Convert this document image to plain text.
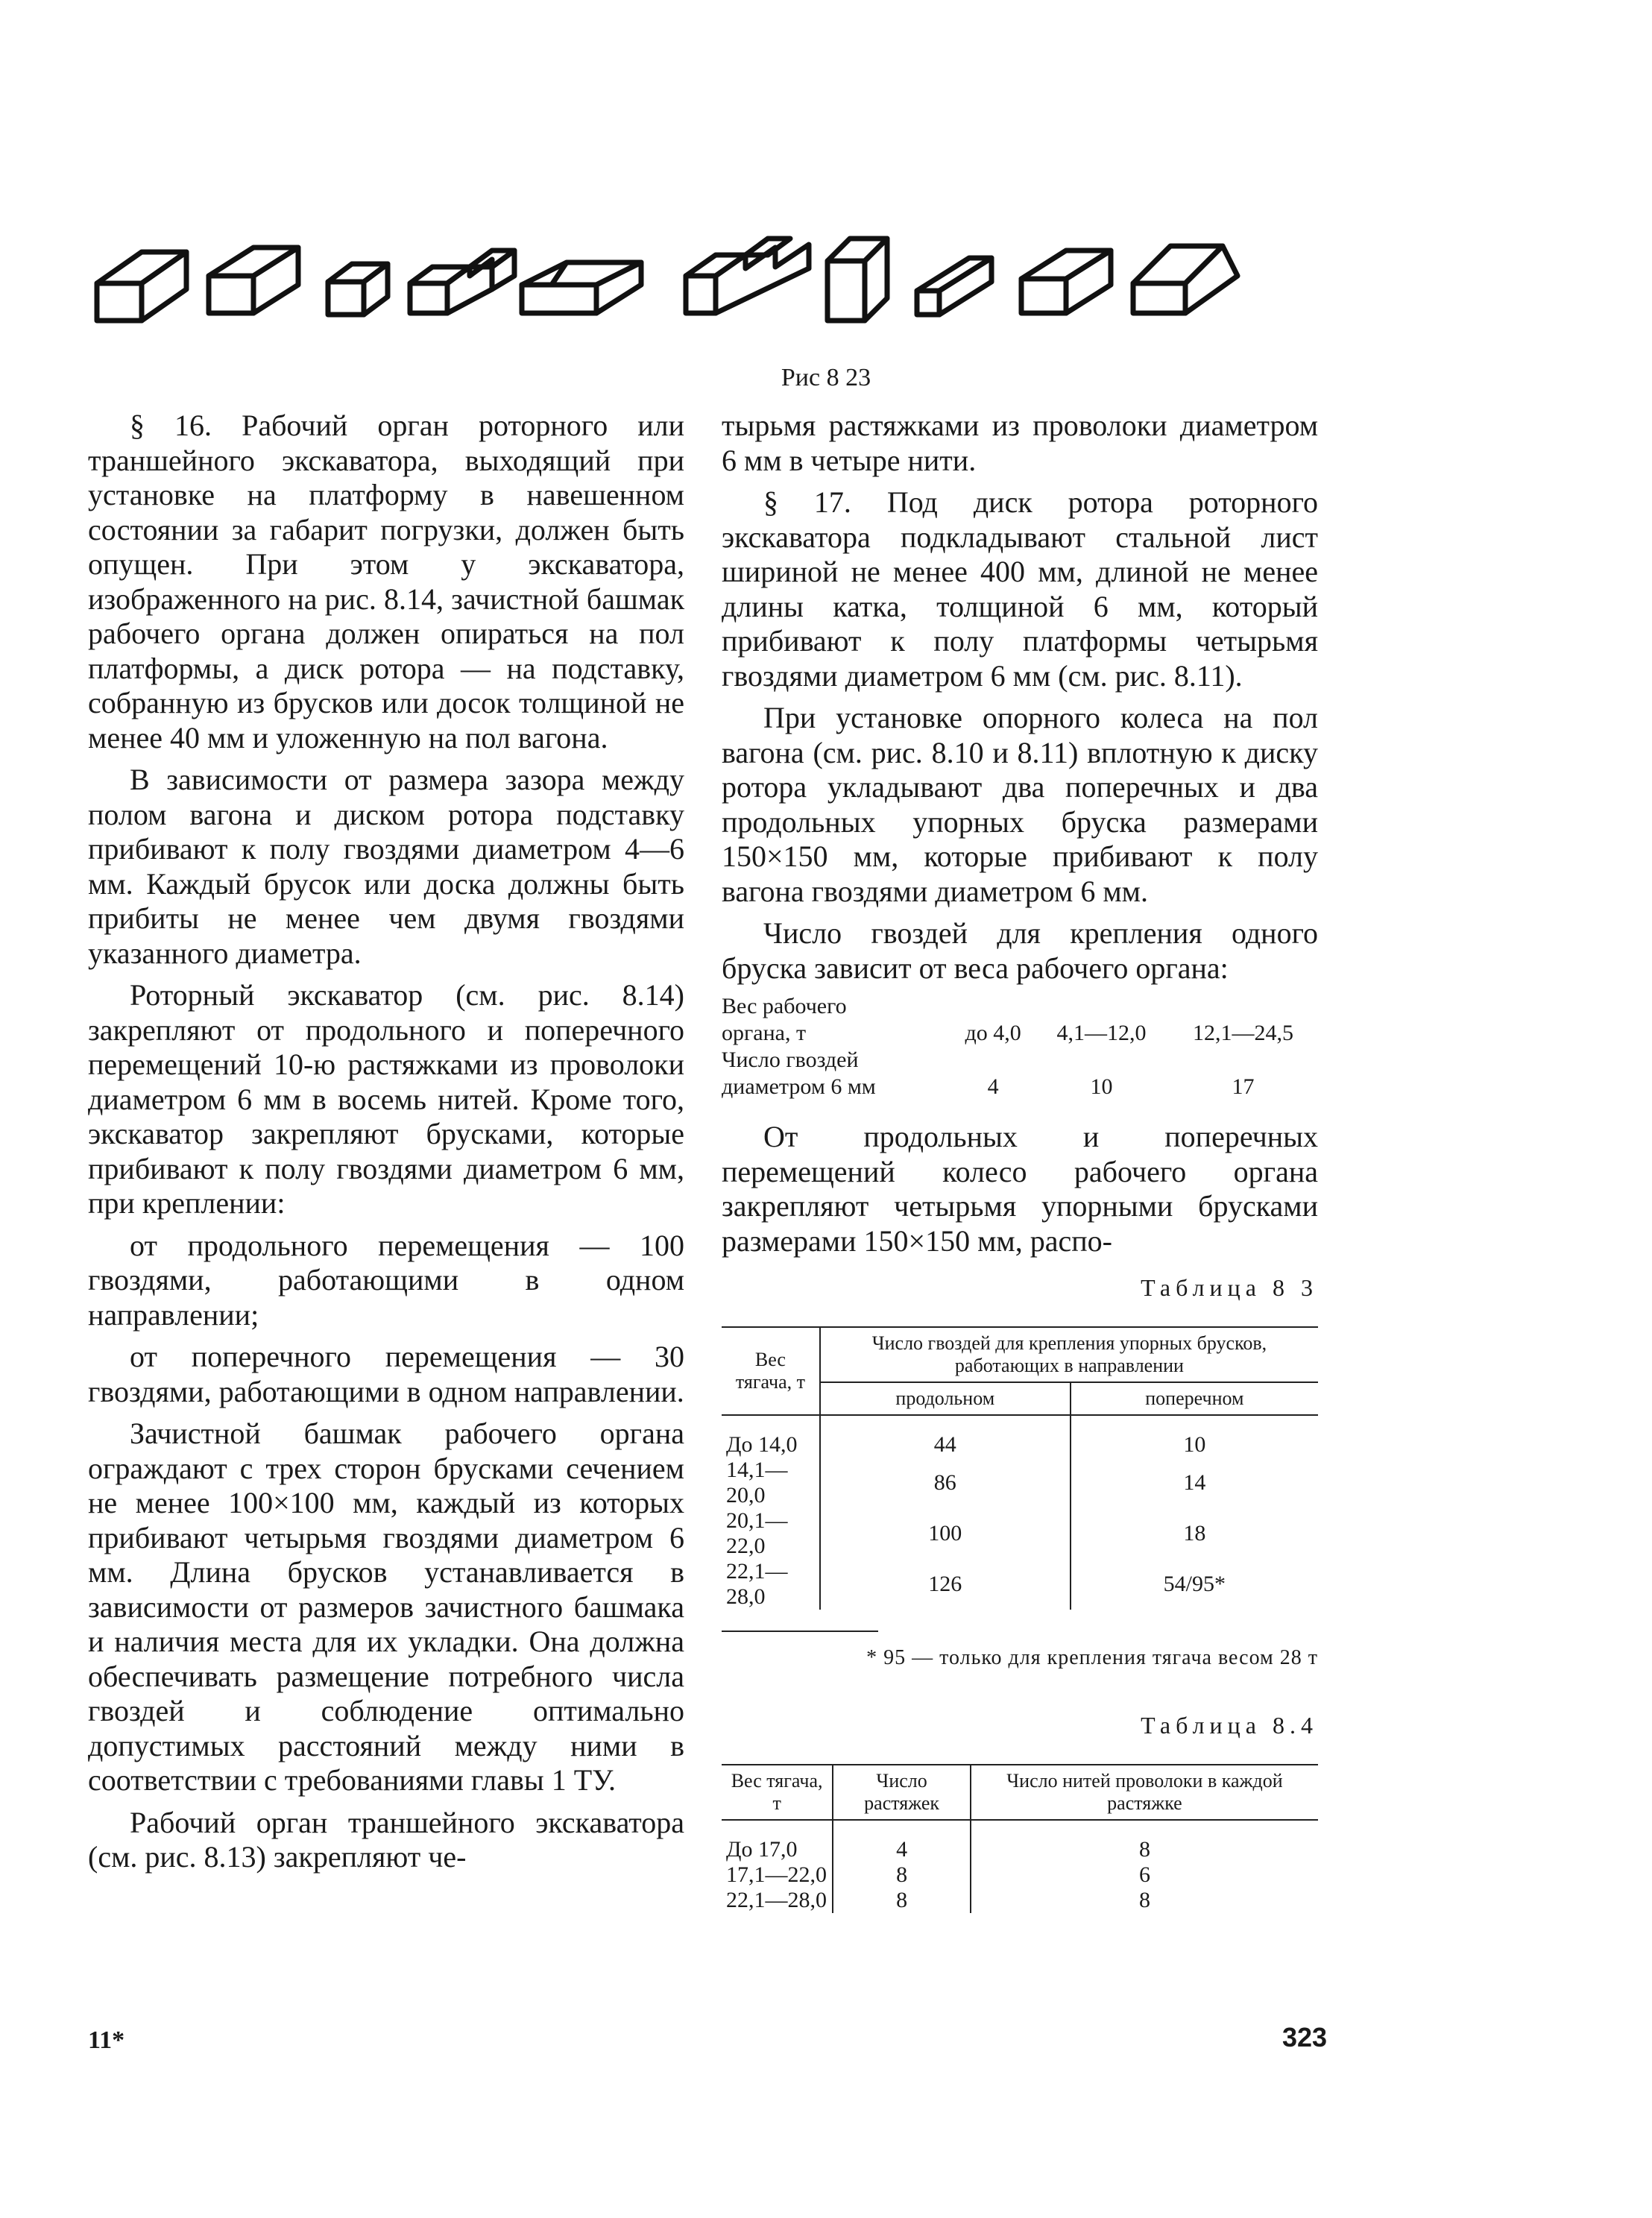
Рис 8 23

§ 16. Рабочий орган роторного или траншейного экскаватора, выходящий при установке на платформу в навешенном состоянии за габарит погрузки, должен быть опущен. При этом у экскаватора, изображенного на рис. 8.14, зачистной башмак рабочего органа должен опираться на пол платформы, а диск ротора — на подставку, собранную из брусков или досок толщиной не менее 40 мм и уложенную на пол вагона.

В зависимости от размера зазора между полом вагона и диском ротора подставку прибивают к полу гвоздями диаметром 4—6 мм. Каждый брусок или доска должны быть прибиты не менее чем двумя гвоздями указанного диаметра.

Роторный экскаватор (см. рис. 8.14) закрепляют от продольного и поперечного перемещений 10-ю растяжками из проволоки диаметром 6 мм в восемь нитей. Кроме того, экскаватор закрепляют брусками, которые прибивают к полу гвоздями диаметром 6 мм, при креплении:

от продольного перемещения — 100 гвоздями, работающими в одном направлении;

от поперечного перемещения — 30 гвоздями, работающими в одном направлении.

Зачистной башмак рабочего органа ограждают с трех сторон брусками сечением не менее 100×100 мм, каждый из которых прибивают четырьмя гвоздями диаметром 6 мм. Длина брусков устанавливается в зависимости от размеров зачистного башмака и наличия места для их укладки. Она должна обеспечивать размещение потребного числа гвоздей и соблюдение оптимально допустимых расстояний между ними в соответствии с требованиями главы 1 ТУ.

Рабочий орган траншейного экскаватора (см. рис. 8.13) закрепляют че-

тырьмя растяжками из проволоки диаметром 6 мм в четыре нити.

§ 17. Под диск ротора роторного экскаватора подкладывают стальной лист шириной не менее 400 мм, длиной не менее длины катка, толщиной 6 мм, который прибивают к полу платформы четырьмя гвоздями диаметром 6 мм (см. рис. 8.11).

При установке опорного колеса на пол вагона (см. рис. 8.10 и 8.11) вплотную к диску ротора укладывают два поперечных и два продольных упорных бруска размерами 150×150 мм, которые прибивают к полу вагона гвоздями диаметром 6 мм.

Число гвоздей для крепления одного бруска зависит от веса рабочего органа:

Вес рабочего
органа, т	до 4,0	4,1—12,0	12,1—24,5
Число гвоздей
диаметром 6 мм	4	10	17

От продольных и поперечных перемещений колесо рабочего органа закрепляют четырьмя упорными брусками размерами 150×150 мм, распо-

Таблица 8 3
Вес тягача, т	Число гвоздей для крепления упорных брусков, работающих в направлении	
	продольном	поперечном
До 14,0	44	10
14,1—20,0	86	14
20,1—22,0	100	18
22,1—28,0	126	54/95*
* 95 — только для крепления тягача весом 28 т
Таблица 8.4
Вес тягача, т	Число растяжек	Число нитей проволоки в каждой растяжке
До 17,0	4	8
17,1—22,0	8	6
22,1—28,0	8	8
11*	323
